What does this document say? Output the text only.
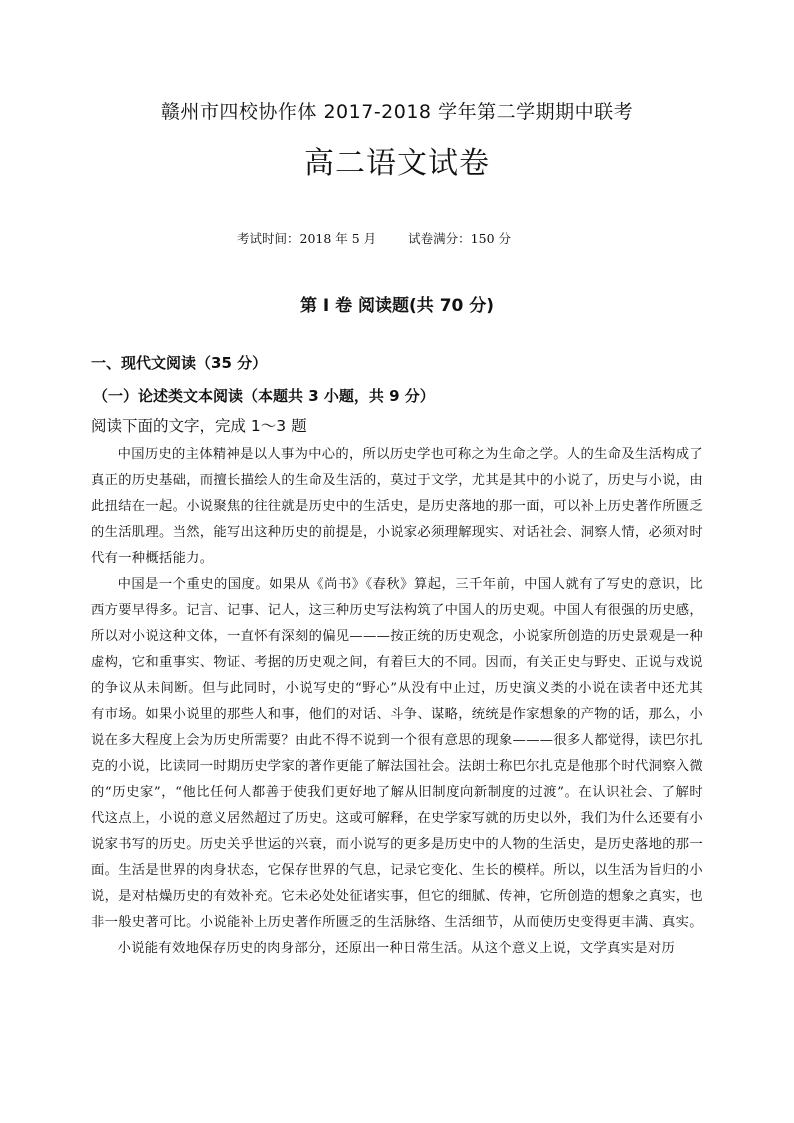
赣州市四校协作体 2017-2018 学年第二学期期中联考
高二语文试卷
考试时间：2018 年 5 月	试卷满分：150 分
第 I 卷 阅读题(共 70 分)
一、现代文阅读（35 分）
（一）论述类文本阅读（本题共 3 小题，共 9 分）
阅读下面的文字，完成 1～3 题

中国历史的主体精神是以人事为中心的，所以历史学也可称之为生命之学。人的生命及生活构成了真正的历史基础，而擅长描绘人的生命及生活的，莫过于文学，尤其是其中的小说了，历史与小说，由此扭结在一起。小说聚焦的往往就是历史中的生活史，是历史落地的那一面，可以补上历史著作所匮乏的生活肌理。当然，能写出这种历史的前提是，小说家必须理解现实、对话社会、洞察人情，必须对时代有一种概括能力。

中国是一个重史的国度。如果从《尚书》《春秋》算起，三千年前，中国人就有了写史的意识，比西方要早得多。记言、记事、记人，这三种历史写法构筑了中国人的历史观。中国人有很强的历史感，所以对小说这种文体，一直怀有深刻的偏见———按正统的历史观念，小说家所创造的历史景观是一种虚构，它和重事实、物证、考据的历史观之间，有着巨大的不同。因而，有关正史与野史、正说与戏说的争议从未间断。但与此同时，小说写史的“野心”从没有中止过，历史演义类的小说在读者中还尤其有市场。如果小说里的那些人和事，他们的对话、斗争、谋略，统统是作家想象的产物的话，那么，小说在多大程度上会为历史所需要？由此不得不说到一个很有意思的现象———很多人都觉得，读巴尔扎克的小说，比读同一时期历史学家的著作更能了解法国社会。法朗士称巴尔扎克是他那个时代洞察入微的“历史家”，“他比任何人都善于使我们更好地了解从旧制度向新制度的过渡”。在认识社会、了解时代这点上，小说的意义居然超过了历史。这或可解释，在史学家写就的历史以外，我们为什么还要有小说家书写的历史。历史关乎世运的兴衰，而小说写的更多是历史中的人物的生活史，是历史落地的那一面。生活是世界的肉身状态，它保存世界的气息，记录它变化、生长的模样。所以，以生活为旨归的小说，是对枯燥历史的有效补充。它未必处处征诸实事，但它的细腻、传神，它所创造的想象之真实，也非一般史著可比。小说能补上历史著作所匮乏的生活脉络、生活细节，从而使历史变得更丰满、真实。

小说能有效地保存历史的肉身部分，还原出一种日常生活。从这个意义上说，文学真实是对历
